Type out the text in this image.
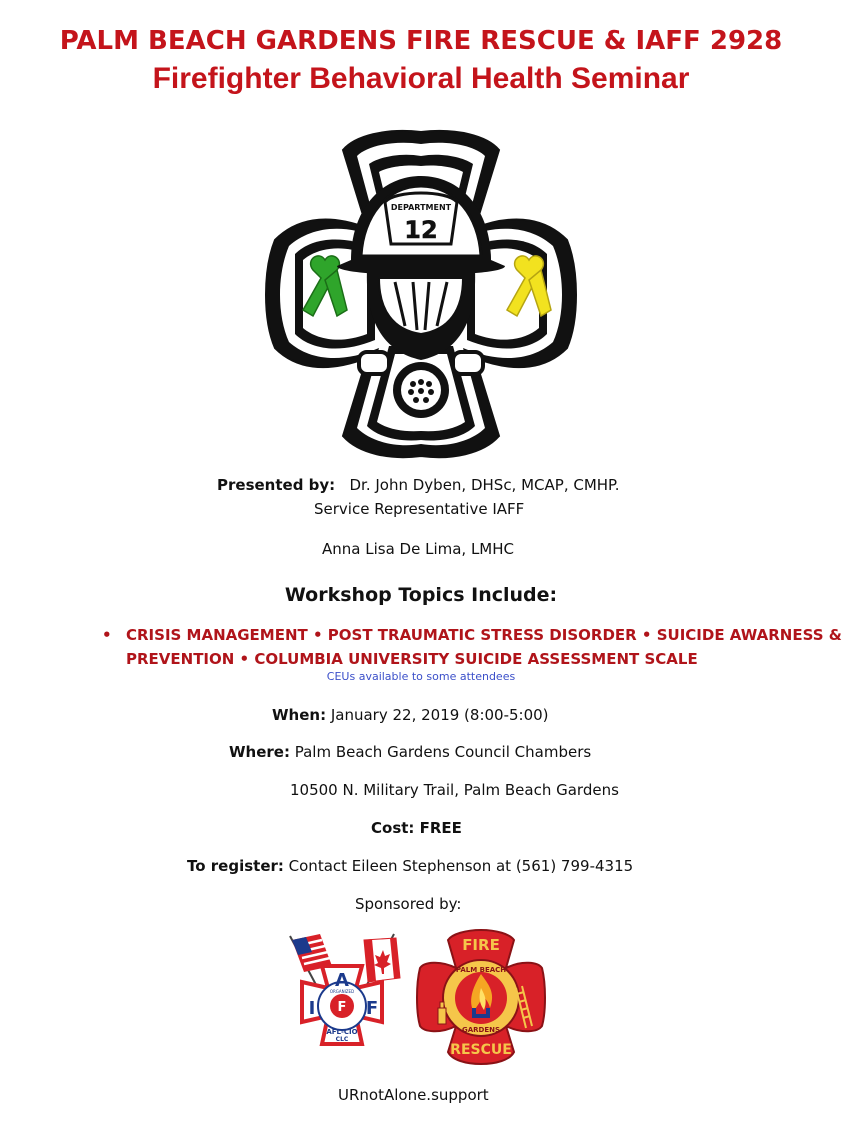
PALM BEACH GARDENS FIRE RESCUE & IAFF 2928
Firefighter Behavioral Health Seminar
DEPARTMENT
12
Presented by: Dr. John Dyben, DHSc, MCAP, CMHP.
Service Representative IAFF
Anna Lisa De Lima, LMHC
Workshop Topics Include:
• CRISIS MANAGEMENT • POST TRAUMATIC STRESS DISORDER • SUICIDE AWARNESS &
PREVENTION • COLUMBIA UNIVERSITY SUICIDE ASSESSMENT SCALE
CEUs available to some attendees
When: January 22, 2019 (8:00-5:00)
Where: Palm Beach Gardens Council Chambers
10500 N. Military Trail, Palm Beach Gardens
Cost: FREE
To register: Contact Eileen Stephenson at (561) 799-4315
Sponsored by:
F
A
I	F
ORGANIZED
AFL-CIO
CLC
FIRE
PALM BEACH
GARDENS
RESCUE
URnotAlone.support
